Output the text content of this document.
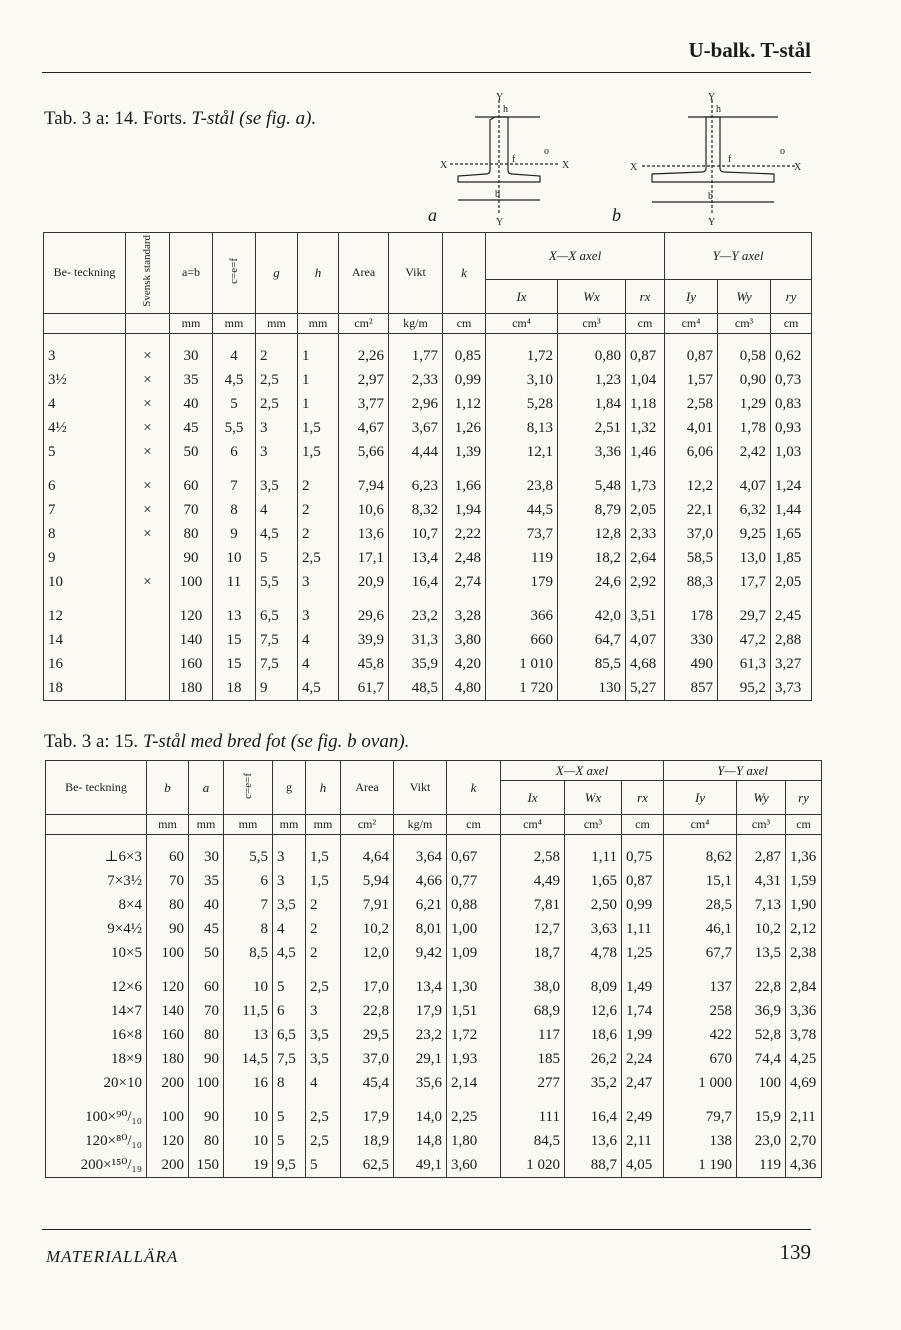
U-balk. T-stål
Tab. 3 a: 14. Forts. T-stål (se fig. a).
Y
X	X
Y
h
b
f
o
a
Y
X	X
Y
h
b
f
o
b
Be- teckning	Svensk standard	a=b	c=e=f	g	h	Area	Vikt	k	X—X axel			Y—Y axel		
									Ix	Wx	rx	Iy	Wy	ry
		mm	mm	mm	mm	cm²	kg/m	cm	cm⁴	cm³	cm	cm⁴	cm³	cm
3	×	30	4	2	1	2,26	1,77	0,85	1,72	0,80	0,87	0,87	0,58	0,62
3½	×	35	4,5	2,5	1	2,97	2,33	0,99	3,10	1,23	1,04	1,57	0,90	0,73
4	×	40	5	2,5	1	3,77	2,96	1,12	5,28	1,84	1,18	2,58	1,29	0,83
4½	×	45	5,5	3	1,5	4,67	3,67	1,26	8,13	2,51	1,32	4,01	1,78	0,93
5	×	50	6	3	1,5	5,66	4,44	1,39	12,1	3,36	1,46	6,06	2,42	1,03
6	×	60	7	3,5	2	7,94	6,23	1,66	23,8	5,48	1,73	12,2	4,07	1,24
7	×	70	8	4	2	10,6	8,32	1,94	44,5	8,79	2,05	22,1	6,32	1,44
8	×	80	9	4,5	2	13,6	10,7	2,22	73,7	12,8	2,33	37,0	9,25	1,65
9		90	10	5	2,5	17,1	13,4	2,48	119	18,2	2,64	58,5	13,0	1,85
10	×	100	11	5,5	3	20,9	16,4	2,74	179	24,6	2,92	88,3	17,7	2,05
12		120	13	6,5	3	29,6	23,2	3,28	366	42,0	3,51	178	29,7	2,45
14		140	15	7,5	4	39,9	31,3	3,80	660	64,7	4,07	330	47,2	2,88
16		160	15	7,5	4	45,8	35,9	4,20	1 010	85,5	4,68	490	61,3	3,27
18		180	18	9	4,5	61,7	48,5	4,80	1 720	130	5,27	857	95,2	3,73
Tab. 3 a: 15. T-stål med bred fot (se fig. b ovan).
Be- teckning	b	a	c=e=f	g	h	Area	Vikt	k	X—X axel			Y—Y axel		
									Ix	Wx	rx	Iy	Wy	ry
	mm	mm	mm	mm	mm	cm²	kg/m	cm	cm⁴	cm³	cm	cm⁴	cm³	cm
⊥6×3	60	30	5,5	3	1,5	4,64	3,64	0,67	2,58	1,11	0,75	8,62	2,87	1,36
7×3½	70	35	6	3	1,5	5,94	4,66	0,77	4,49	1,65	0,87	15,1	4,31	1,59
8×4	80	40	7	3,5	2	7,91	6,21	0,88	7,81	2,50	0,99	28,5	7,13	1,90
9×4½	90	45	8	4	2	10,2	8,01	1,00	12,7	3,63	1,11	46,1	10,2	2,12
10×5	100	50	8,5	4,5	2	12,0	9,42	1,09	18,7	4,78	1,25	67,7	13,5	2,38
12×6	120	60	10	5	2,5	17,0	13,4	1,30	38,0	8,09	1,49	137	22,8	2,84
14×7	140	70	11,5	6	3	22,8	17,9	1,51	68,9	12,6	1,74	258	36,9	3,36
16×8	160	80	13	6,5	3,5	29,5	23,2	1,72	117	18,6	1,99	422	52,8	3,78
18×9	180	90	14,5	7,5	3,5	37,0	29,1	1,93	185	26,2	2,24	670	74,4	4,25
20×10	200	100	16	8	4	45,4	35,6	2,14	277	35,2	2,47	1 000	100	4,69
100×⁹⁰/₁₀	100	90	10	5	2,5	17,9	14,0	2,25	111	16,4	2,49	79,7	15,9	2,11
120×⁸⁰/₁₀	120	80	10	5	2,5	18,9	14,8	1,80	84,5	13,6	2,11	138	23,0	2,70
200×¹⁵⁰/₁₉	200	150	19	9,5	5	62,5	49,1	3,60	1 020	88,7	4,05	1 190	119	4,36
MATERIALLÄRA	139
